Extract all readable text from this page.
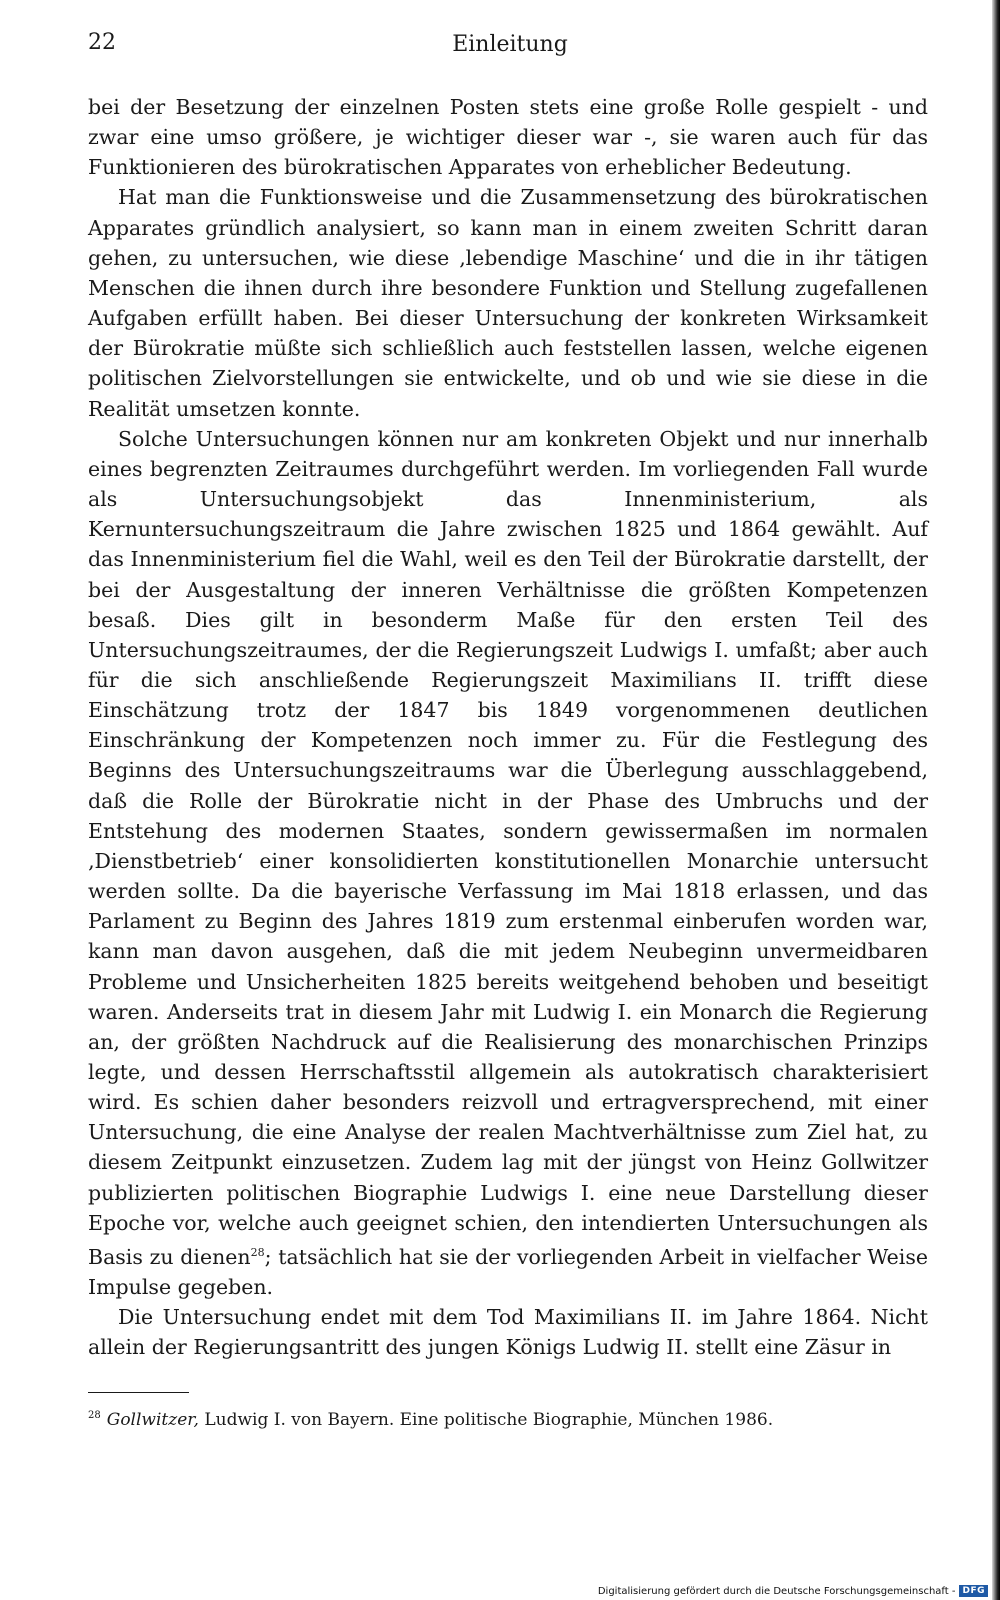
22	Einleitung

bei der Besetzung der einzelnen Posten stets eine große Rolle gespielt - und zwar eine umso größere, je wichtiger dieser war -, sie waren auch für das Funktionieren des bürokratischen Apparates von erheblicher Bedeutung.

Hat man die Funktionsweise und die Zusammensetzung des bürokratischen Apparates gründlich analysiert, so kann man in einem zweiten Schritt daran gehen, zu untersuchen, wie diese ‚lebendige Maschine‘ und die in ihr tätigen Menschen die ihnen durch ihre besondere Funktion und Stellung zugefallenen Aufgaben erfüllt haben. Bei dieser Untersuchung der konkreten Wirksamkeit der Bürokratie müßte sich schließlich auch feststellen lassen, welche eigenen politischen Zielvorstellungen sie entwickelte, und ob und wie sie diese in die Realität umsetzen konnte.

Solche Untersuchungen können nur am konkreten Objekt und nur innerhalb eines begrenzten Zeitraumes durchgeführt werden. Im vorliegenden Fall wurde als Untersuchungsobjekt das Innenministerium, als Kernuntersuchungszeitraum die Jahre zwischen 1825 und 1864 gewählt. Auf das Innenministerium fiel die Wahl, weil es den Teil der Bürokratie darstellt, der bei der Ausgestaltung der inneren Verhältnisse die größten Kompetenzen besaß. Dies gilt in besonderm Maße für den ersten Teil des Untersuchungszeitraumes, der die Regierungszeit Ludwigs I. umfaßt; aber auch für die sich anschließende Regierungszeit Maximilians II. trifft diese Einschätzung trotz der 1847 bis 1849 vorgenommenen deutlichen Einschränkung der Kompetenzen noch immer zu. Für die Festlegung des Beginns des Untersuchungszeitraums war die Überlegung ausschlaggebend, daß die Rolle der Bürokratie nicht in der Phase des Umbruchs und der Entstehung des modernen Staates, sondern gewissermaßen im normalen ‚Dienstbetrieb‘ einer konsolidierten konstitutionellen Monarchie untersucht werden sollte. Da die bayerische Verfassung im Mai 1818 erlassen, und das Parlament zu Beginn des Jahres 1819 zum erstenmal einberufen worden war, kann man davon ausgehen, daß die mit jedem Neubeginn unvermeidbaren Probleme und Unsicherheiten 1825 bereits weitgehend behoben und beseitigt waren. Anderseits trat in diesem Jahr mit Ludwig I. ein Monarch die Regierung an, der größten Nachdruck auf die Realisierung des monarchischen Prinzips legte, und dessen Herrschaftsstil allgemein als autokratisch charakterisiert wird. Es schien daher besonders reizvoll und ertragversprechend, mit einer Untersuchung, die eine Analyse der realen Machtverhältnisse zum Ziel hat, zu diesem Zeitpunkt einzusetzen. Zudem lag mit der jüngst von Heinz Gollwitzer publizierten politischen Biographie Ludwigs I. eine neue Darstellung dieser Epoche vor, welche auch geeignet schien, den intendierten Untersuchungen als Basis zu dienen$^{28}$; tatsächlich hat sie der vorliegenden Arbeit in vielfacher Weise Impulse gegeben.

Die Untersuchung endet mit dem Tod Maximilians II. im Jahre 1864. Nicht allein der Regierungsantritt des jungen Königs Ludwig II. stellt eine Zäsur in

$^{28}$ Gollwitzer, Ludwig I. von Bayern. Eine politische Biographie, München 1986.
Digitalisierung gefördert durch die Deutsche Forschungsgemeinschaft - DFG
